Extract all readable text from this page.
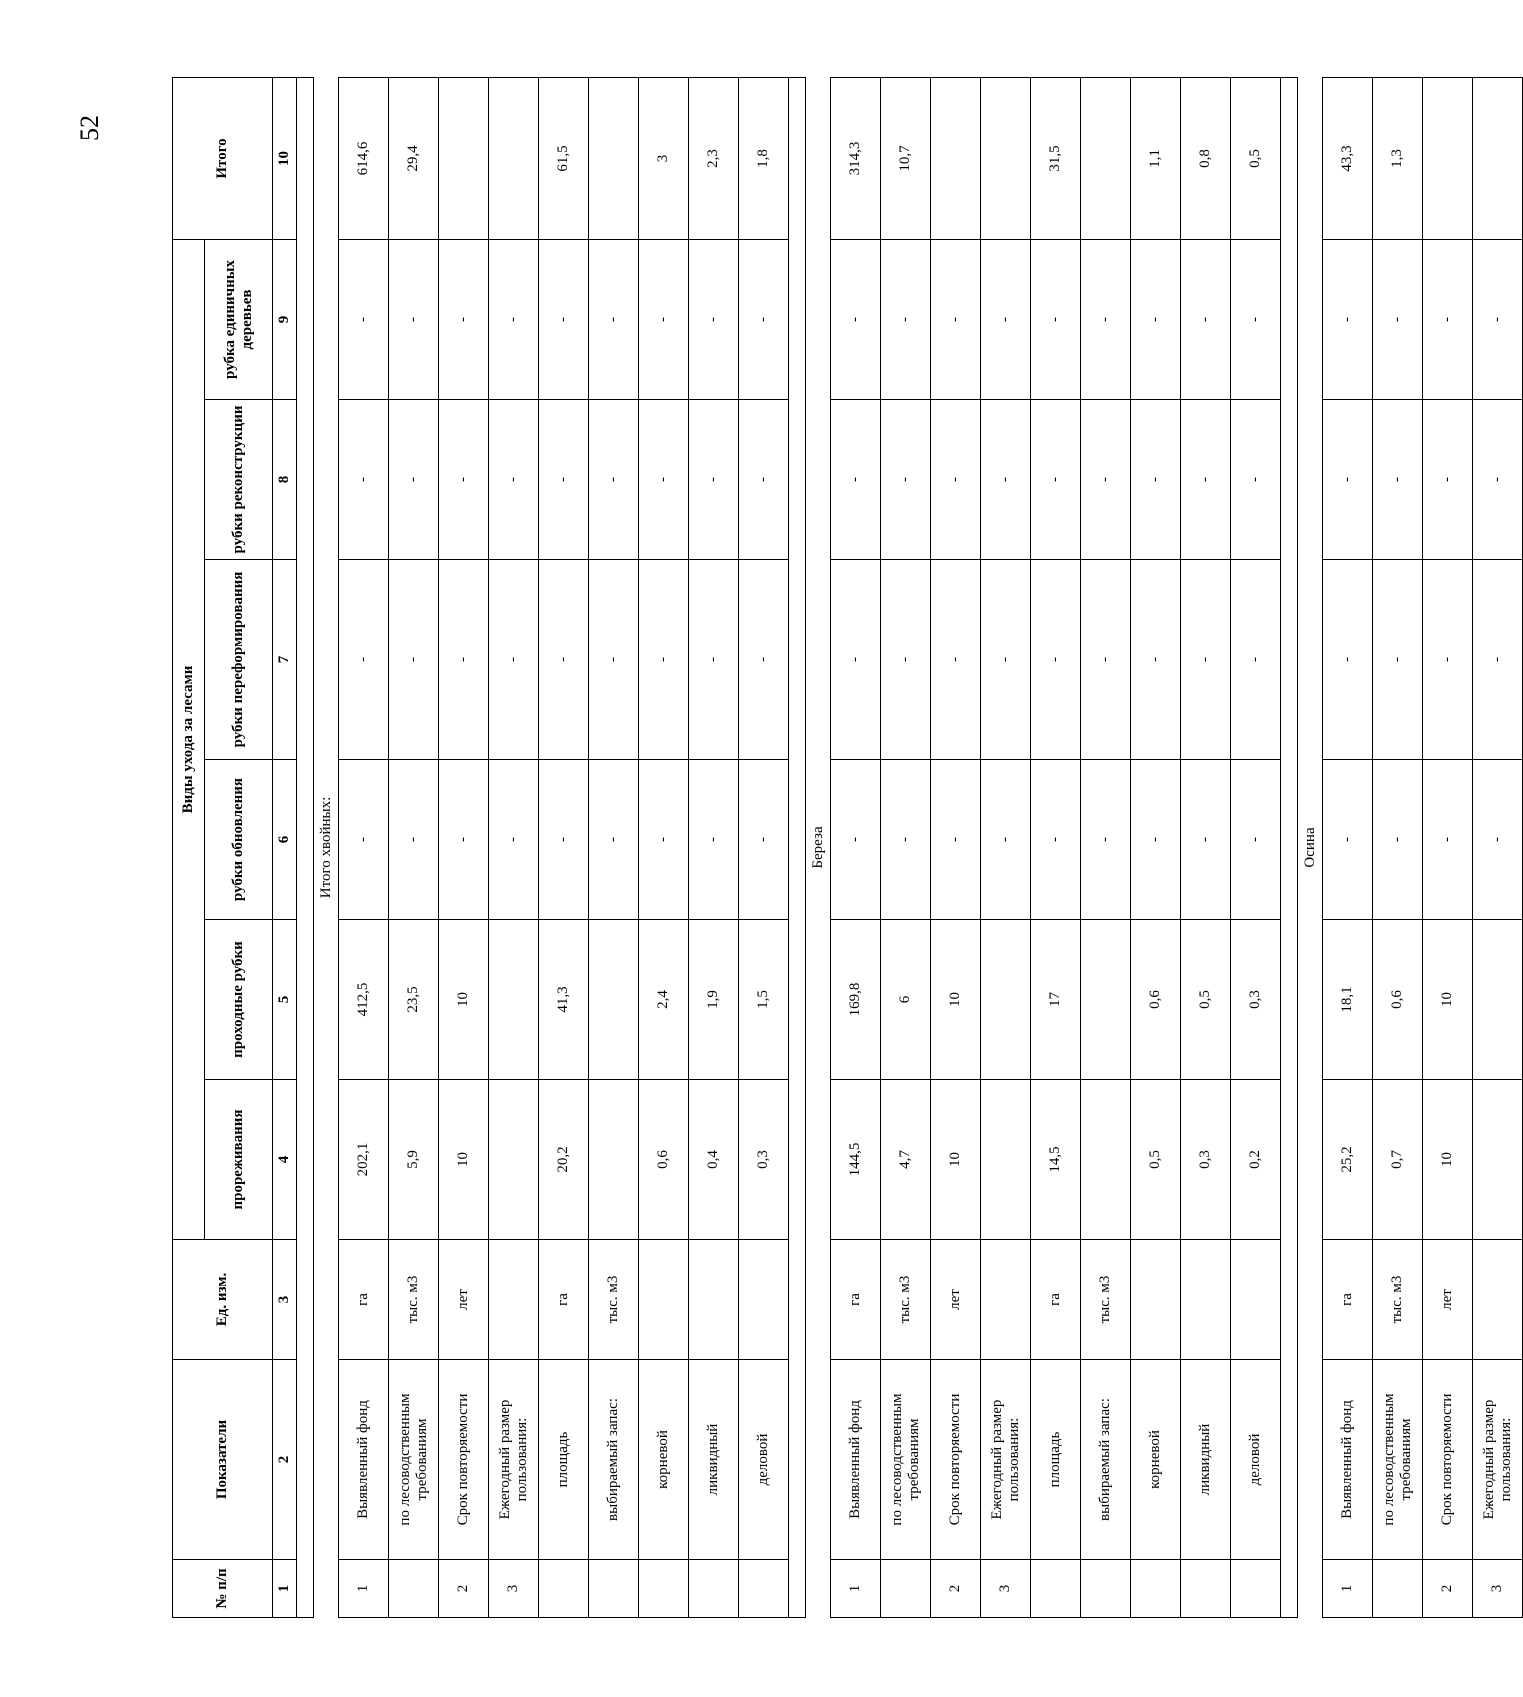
52
№ п/п	Показатели	Ед. изм.	Виды ухода за лесами						Итого
			прореживания	проходные рубки	рубки обновления	рубки переформирования	рубки реконструкции	рубка единичных деревьев	
1	2	3	4	5	6	7	8	9	10

Итого хвойных:									
1	Выявленный фонд	га	202,1	412,5	-	-	-	-	614,6
	по лесоводственным требованиям	тыс. м3	5,9	23,5	-	-	-	-	29,4
2	Срок повторяемости	лет	10	10	-	-	-	-	
3	Ежегодный размер пользования:				-	-	-	-	
	площадь	га	20,2	41,3	-	-	-	-	61,5
	выбираемый запас:	тыс. м3			-	-	-	-	
	корневой		0,6	2,4	-	-	-	-	3
	ликвидный		0,4	1,9	-	-	-	-	2,3
	деловой		0,3	1,5	-	-	-	-	1,8

Береза									
1	Выявленный фонд	га	144,5	169,8	-	-	-	-	314,3
	по лесоводственным требованиям	тыс. м3	4,7	6	-	-	-	-	10,7
2	Срок повторяемости	лет	10	10	-	-	-	-	
3	Ежегодный размер пользования:				-	-	-	-	
	площадь	га	14,5	17	-	-	-	-	31,5
	выбираемый запас:	тыс. м3			-	-	-	-	
	корневой		0,5	0,6	-	-	-	-	1,1
	ликвидный		0,3	0,5	-	-	-	-	0,8
	деловой		0,2	0,3	-	-	-	-	0,5

Осина									
1	Выявленный фонд	га	25,2	18,1	-	-	-	-	43,3
	по лесоводственным требованиям	тыс. м3	0,7	0,6	-	-	-	-	1,3
2	Срок повторяемости	лет	10	10	-	-	-	-	
3	Ежегодный размер пользования:				-	-	-	-	
